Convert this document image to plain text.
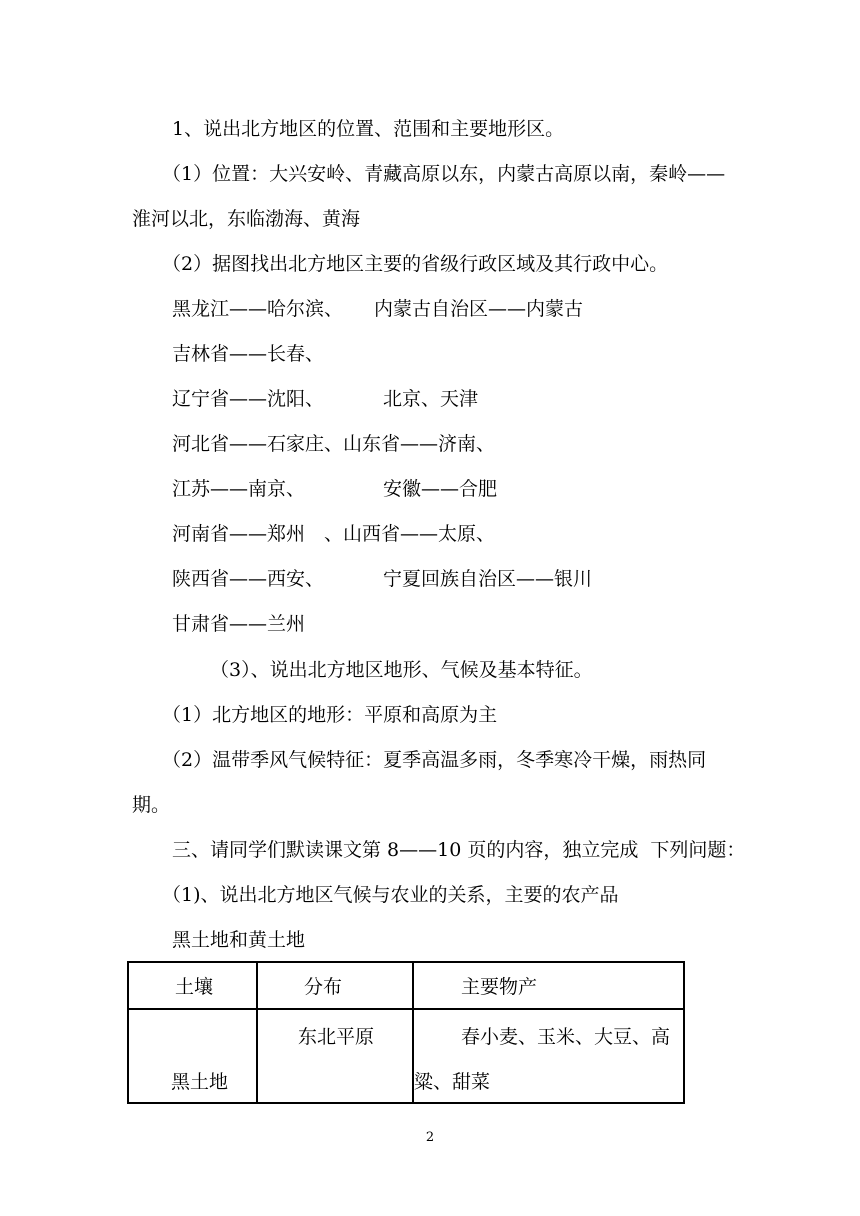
1、说出北方地区的位置、范围和主要地形区。
（1）位置：大兴安岭、青藏高原以东，内蒙古高原以南，秦岭——
淮河以北，东临渤海、黄海
（2）据图找出北方地区主要的省级行政区域及其行政中心。
黑龙江——哈尔滨、 内蒙古自治区——内蒙古
吉林省——长春、
辽宁省——沈阳、	北京、天津
河北省——石家庄、山东省——济南、
江苏——南京、	安徽——合肥
河南省——郑州　、山西省——太原、
陕西省——西安、	宁夏回族自治区——银川
甘肃省——兰州
（3）、说出北方地区地形、气候及基本特征。
（1）北方地区的地形：平原和高原为主
（2）温带季风气候特征：夏季高温多雨，冬季寒冷干燥，雨热同
期。
三、请同学们默读课文第 8——10 页的内容，独立完成  下列问题：
（1)、说出北方地区气候与农业的关系，主要的农产品
黑土地和黄土地
土壤	分布	主要物产

黑土地	东北平原	春小麦、玉米、大豆、高
粱、甜菜
2
